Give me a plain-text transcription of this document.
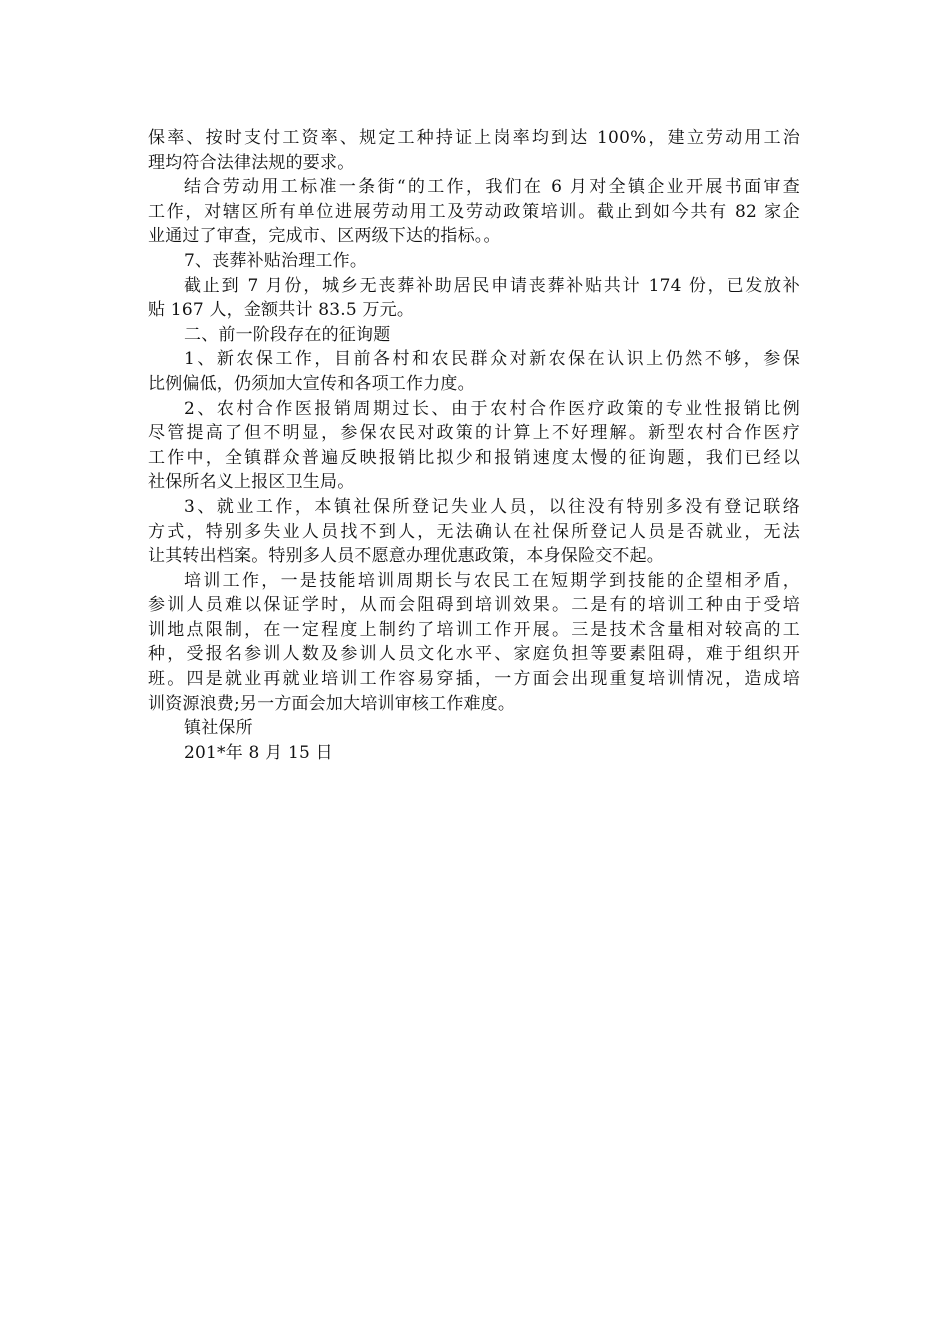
保率、按时支付工资率、规定工种持证上岗率均到达 100%，建立劳动用工治
理均符合法律法规的要求。
结合劳动用工标准一条街“的工作，我们在 6 月对全镇企业开展书面审查
工作，对辖区所有单位进展劳动用工及劳动政策培训。截止到如今共有 82 家企
业通过了审查，完成市、区两级下达的指标。。
7、丧葬补贴治理工作。
截止到 7 月份，城乡无丧葬补助居民申请丧葬补贴共计 174 份，已发放补
贴 167 人，金额共计 83.5 万元。
二、前一阶段存在的征询题
1、新农保工作，目前各村和农民群众对新农保在认识上仍然不够，参保
比例偏低，仍须加大宣传和各项工作力度。
2、农村合作医报销周期过长、由于农村合作医疗政策的专业性报销比例
尽管提高了但不明显，参保农民对政策的计算上不好理解。新型农村合作医疗
工作中，全镇群众普遍反映报销比拟少和报销速度太慢的征询题，我们已经以
社保所名义上报区卫生局。
3、就业工作，本镇社保所登记失业人员，以往没有特别多没有登记联络
方式，特别多失业人员找不到人，无法确认在社保所登记人员是否就业，无法
让其转出档案。特别多人员不愿意办理优惠政策，本身保险交不起。
培训工作，一是技能培训周期长与农民工在短期学到技能的企望相矛盾，
参训人员难以保证学时，从而会阻碍到培训效果。二是有的培训工种由于受培
训地点限制，在一定程度上制约了培训工作开展。三是技术含量相对较高的工
种，受报名参训人数及参训人员文化水平、家庭负担等要素阻碍，难于组织开
班。四是就业再就业培训工作容易穿插，一方面会出现重复培训情况，造成培
训资源浪费;另一方面会加大培训审核工作难度。
镇社保所
201*年 8 月 15 日
